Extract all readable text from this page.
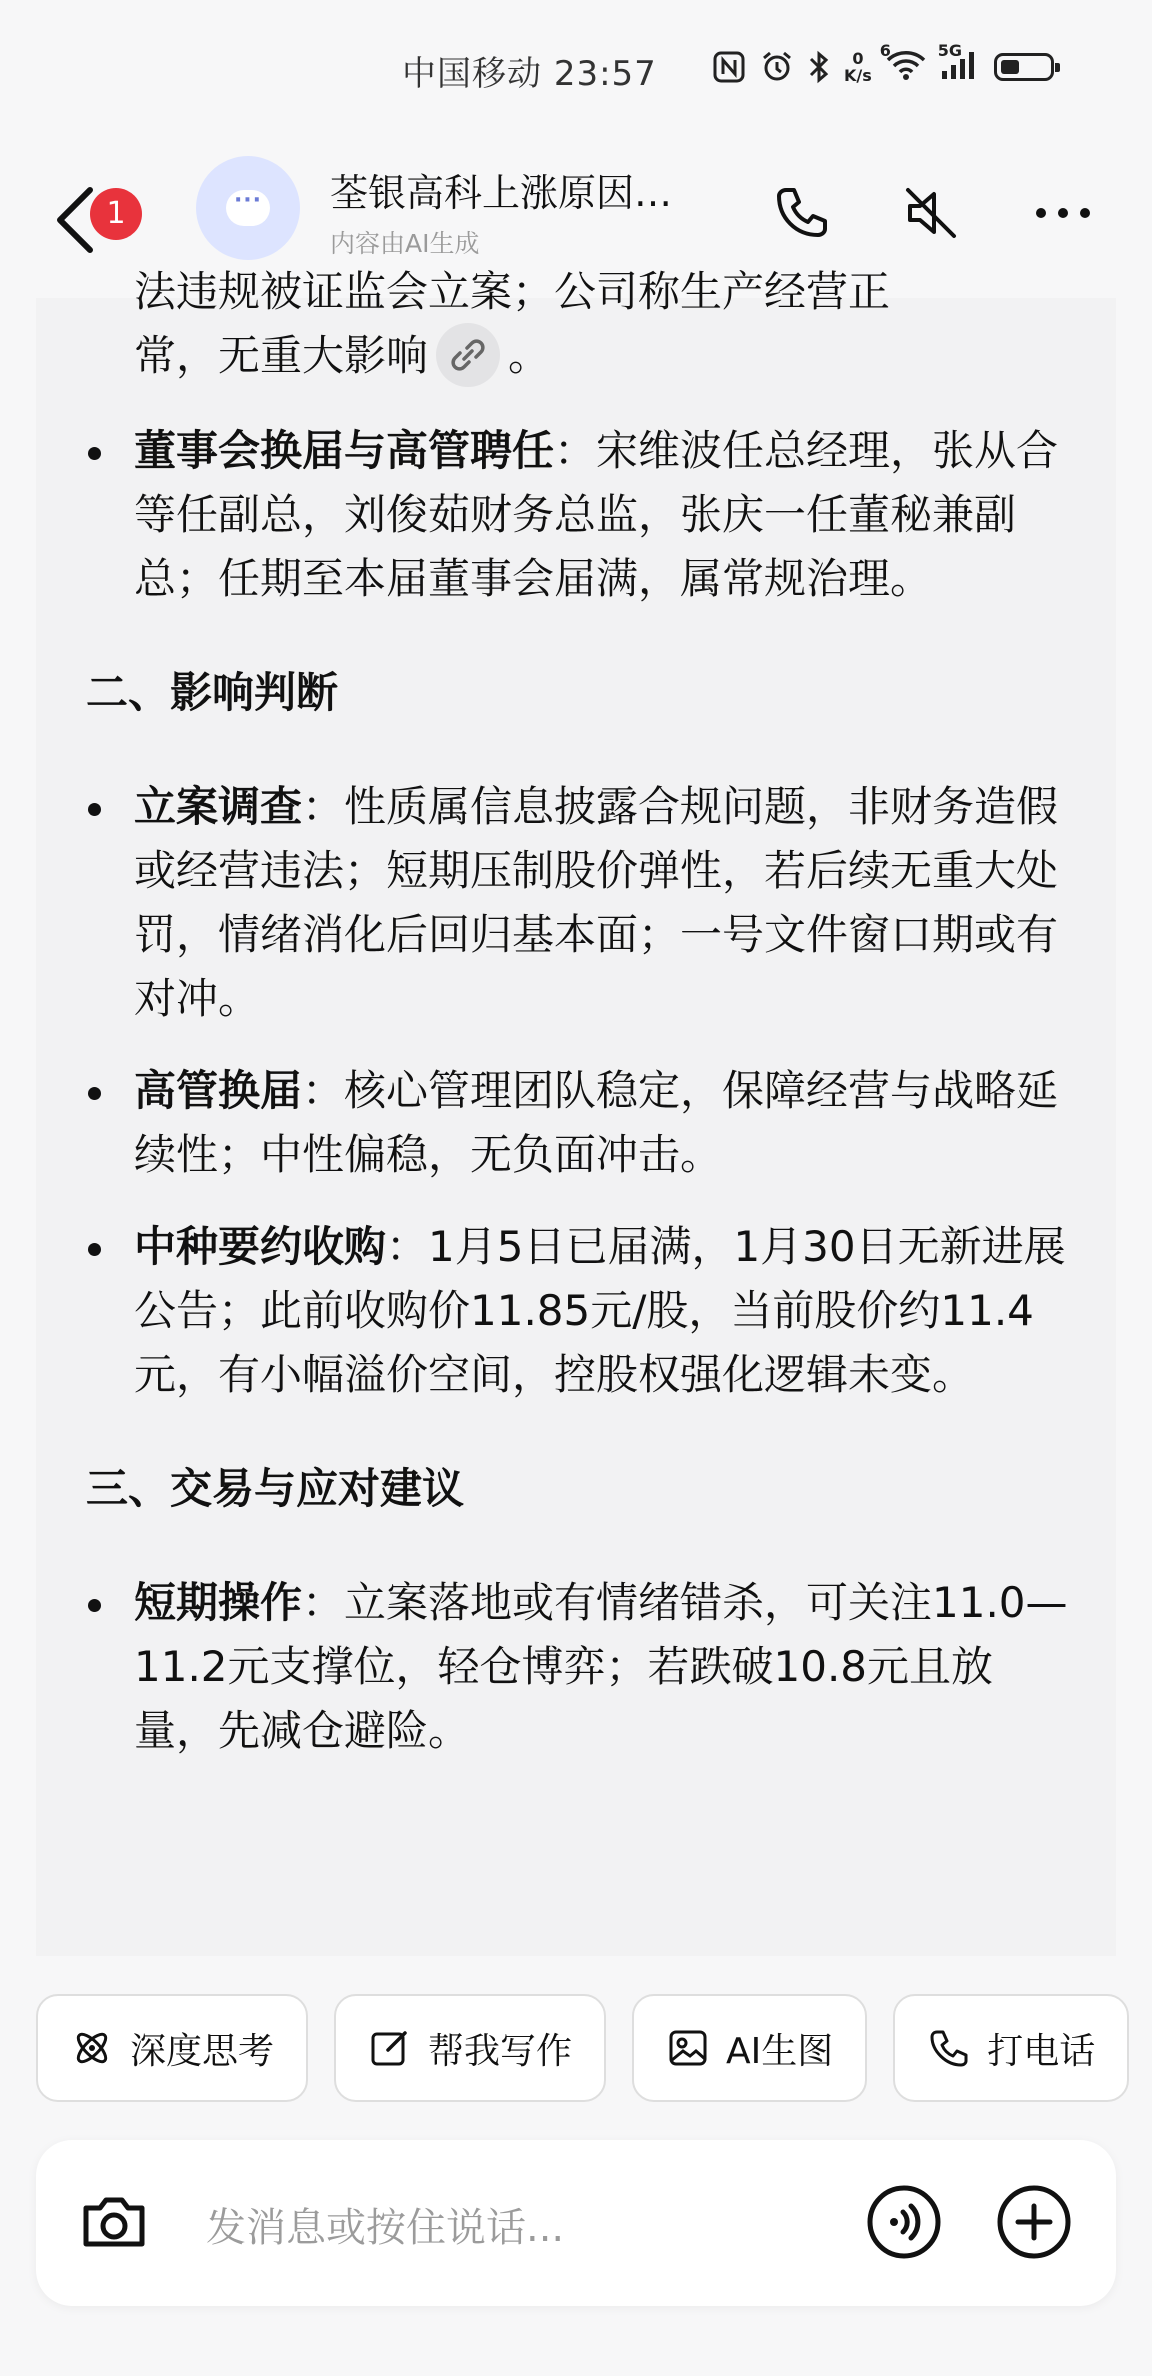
中国移动 23:57	0
K/s
6	5G
1
···	荃银高科上涨原因…
内容由AI生成
法违规被证监会立案；公司称生产经营正
常，无重大影响 。
董事会换届与高管聘任：宋维波任总经理，张从合等任副总，刘俊茹财务总监，张庆一任董秘兼副总；任期至本届董事会届满，属常规治理。
二、影响判断
立案调查：性质属信息披露合规问题，非财务造假或经营违法；短期压制股价弹性，若后续无重大处罚，情绪消化后回归基本面；一号文件窗口期或有对冲。
高管换届：核心管理团队稳定，保障经营与战略延续性；中性偏稳，无负面冲击。
中种要约收购：1月5日已届满，1月30日无新进展公告；此前收购价11.85元/股，当前股价约11.4元，有小幅溢价空间，控股权强化逻辑未变。
三、交易与应对建议
短期操作：立案落地或有情绪错杀，可关注11.0—11.2元支撑位，轻仓博弈；若跌破10.8元且放量，先减仓避险。
深度思考	帮我写作	AI生图	打电话
发消息或按住说话...
